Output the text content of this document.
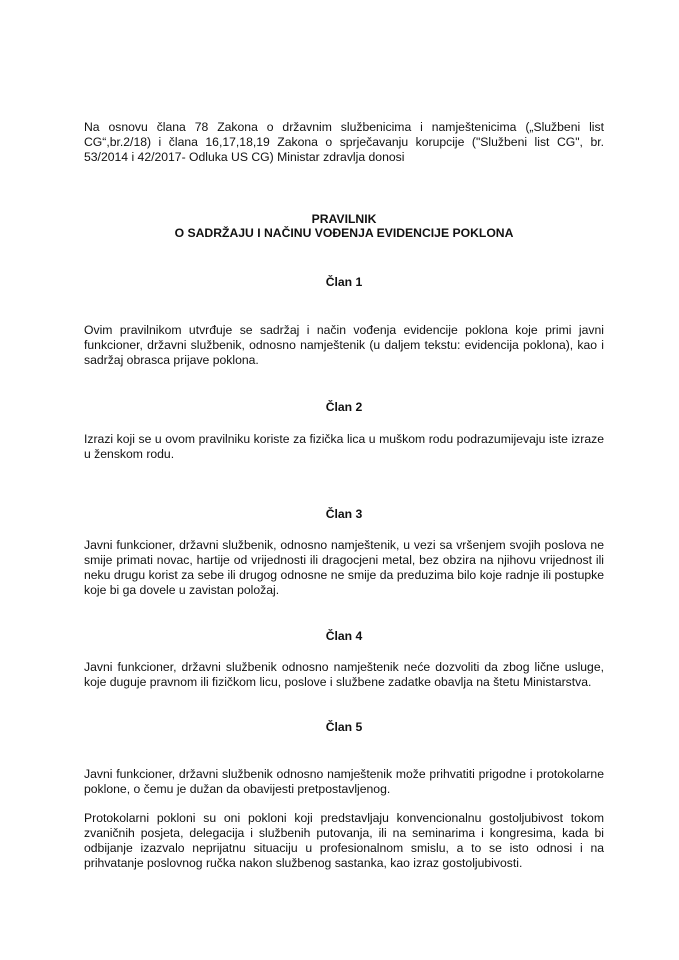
Na osnovu člana 78 Zakona o državnim službenicima i namještenicima („Službeni list CG“,br.2/18) i člana 16,17,18,19 Zakona o sprječavanju korupcije ("Službeni list CG", br. 53/2014 i 42/2017- Odluka US CG) Ministar zdravlja donosi

PRAVILNIK
O SADRŽAJU I NAČINU VOĐENJA EVIDENCIJE POKLONA

Član 1

Ovim pravilnikom utvrđuje se sadržaj i način vođenja evidencije poklona koje primi javni funkcioner, državni službenik, odnosno namještenik (u daljem tekstu: evidencija poklona), kao i sadržaj obrasca prijave poklona.

Član 2

Izrazi koji se u ovom pravilniku koriste za fizička lica u muškom rodu podrazumijevaju iste izraze u ženskom rodu.

Član 3

Javni funkcioner, državni službenik, odnosno namještenik, u vezi sa vršenjem svojih poslova ne smije primati novac, hartije od vrijednosti ili dragocjeni metal, bez obzira na njihovu vrijednost ili neku drugu korist za sebe ili drugog odnosne ne smije da preduzima bilo koje radnje ili postupke koje bi ga dovele u zavistan položaj.

Član 4

Javni funkcioner, državni službenik odnosno namještenik neće dozvoliti da zbog lične usluge, koje duguje pravnom ili fizičkom licu, poslove i službene zadatke obavlja na štetu Ministarstva.

Član 5

Javni funkcioner, državni službenik odnosno namještenik može prihvatiti prigodne i protokolarne poklone, o čemu je dužan da obavijesti pretpostavljenog.

Protokolarni pokloni su oni pokloni koji predstavljaju konvencionalnu gostoljubivost tokom zvaničnih posjeta, delegacija i službenih putovanja, ili na seminarima i kongresima, kada bi odbijanje izazvalo neprijatnu situaciju u profesionalnom smislu, a to se isto odnosi i na prihvatanje poslovnog ručka nakon službenog sastanka, kao izraz gostoljubivosti.
